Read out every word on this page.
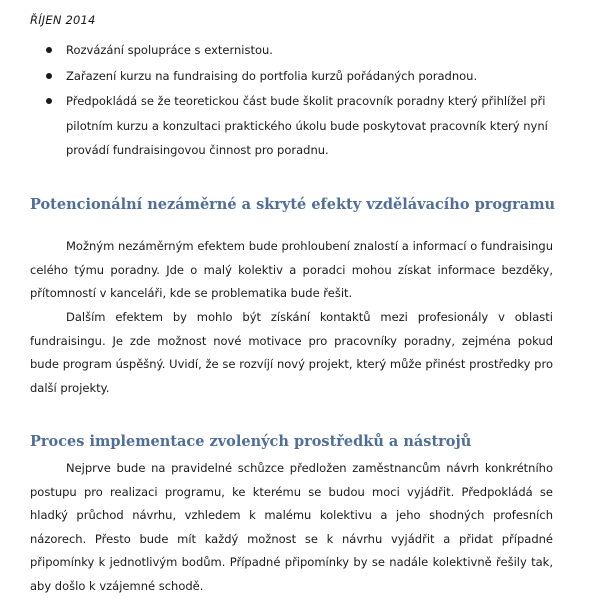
ŘÍJEN 2014
Rozvázání spolupráce s externistou.
Zařazení kurzu na fundraising do portfolia kurzů pořádaných poradnou.
Předpokládá se že teoretickou část bude školit pracovník poradny který přihlížel při pilotním kurzu a konzultaci praktického úkolu bude poskytovat pracovník který nyní provádí fundraisingovou činnost pro poradnu.
Potencionální nezáměrné a skryté efekty vzdělávacího programu

Možným nezáměrným efektem bude prohloubení znalostí a informací o fundraisingu celého týmu poradny. Jde o malý kolektiv a poradci mohou získat informace bezděky, přítomností v kanceláři, kde se problematika bude řešit.

Dalším efektem by mohlo být získání kontaktů mezi profesionály v oblasti fundraisingu. Je zde možnost nové motivace pro pracovníky poradny, zejména pokud bude program úspěšný. Uvidí, že se rozvíjí nový projekt, který může přinést prostředky pro další projekty.

Proces implementace zvolených prostředků a nástrojů

Nejprve bude na pravidelné schůzce předložen zaměstnancům návrh konkrétního postupu pro realizaci programu, ke kterému se budou moci vyjádřit. Předpokládá se hladký průchod návrhu, vzhledem k malému kolektivu a jeho shodných profesních názorech. Přesto bude mít každý možnost se k návrhu vyjádřit a přidat případné připomínky k jednotlivým bodům. Případné připomínky by se nadále kolektivně řešily tak, aby došlo k vzájemné schodě.
